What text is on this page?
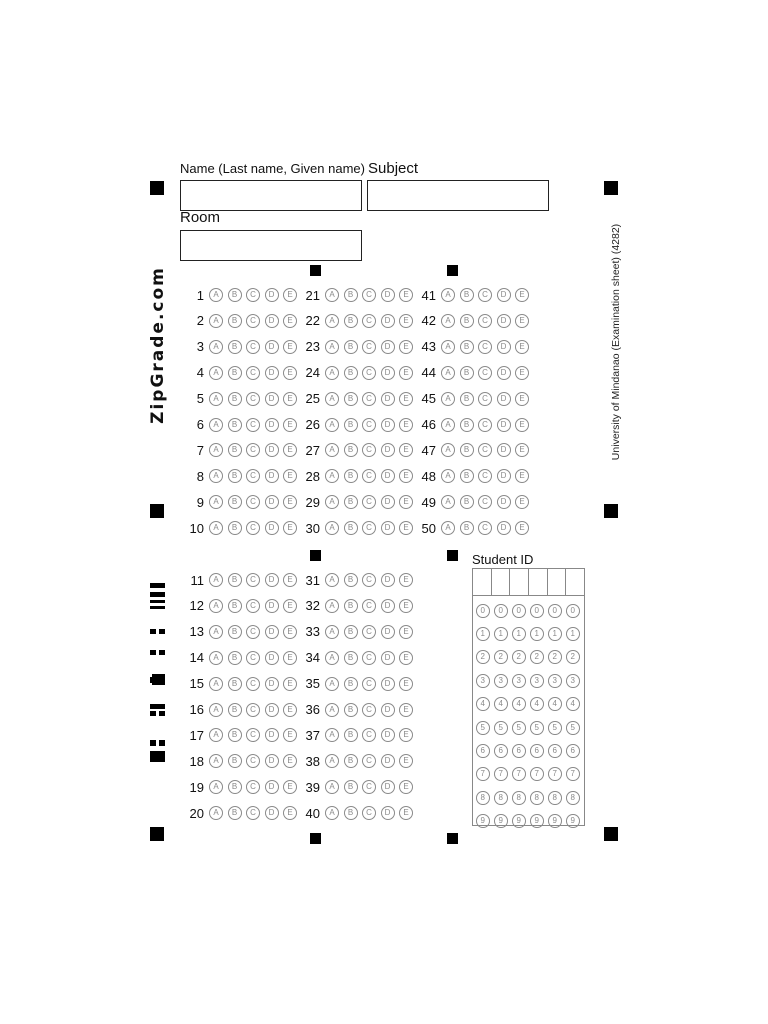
Name (Last name, Given name) Subject
Room
ZipGrade.com	University of Mindanao (Examination sheet) (4282)
1	A	B	C	D	E
2	A	B	C	D	E
3	A	B	C	D	E
4	A	B	C	D	E
5	A	B	C	D	E
6	A	B	C	D	E
7	A	B	C	D	E
8	A	B	C	D	E
9	A	B	C	D	E
10	A	B	C	D	E
21	A	B	C	D	E
22	A	B	C	D	E
23	A	B	C	D	E
24	A	B	C	D	E
25	A	B	C	D	E
26	A	B	C	D	E
27	A	B	C	D	E
28	A	B	C	D	E
29	A	B	C	D	E
30	A	B	C	D	E
41	A	B	C	D	E
42	A	B	C	D	E
43	A	B	C	D	E
44	A	B	C	D	E
45	A	B	C	D	E
46	A	B	C	D	E
47	A	B	C	D	E
48	A	B	C	D	E
49	A	B	C	D	E
50	A	B	C	D	E
11	A	B	C	D	E
12	A	B	C	D	E
13	A	B	C	D	E
14	A	B	C	D	E
15	A	B	C	D	E
16	A	B	C	D	E
17	A	B	C	D	E
18	A	B	C	D	E
19	A	B	C	D	E
20	A	B	C	D	E
31	A	B	C	D	E
32	A	B	C	D	E
33	A	B	C	D	E
34	A	B	C	D	E
35	A	B	C	D	E
36	A	B	C	D	E
37	A	B	C	D	E
38	A	B	C	D	E
39	A	B	C	D	E
40	A	B	C	D	E
Student ID
0	0	0	0	0	0
1	1	1	1	1	1
2	2	2	2	2	2
3	3	3	3	3	3
4	4	4	4	4	4
5	5	5	5	5	5
6	6	6	6	6	6
7	7	7	7	7	7
8	8	8	8	8	8
9	9	9	9	9	9
